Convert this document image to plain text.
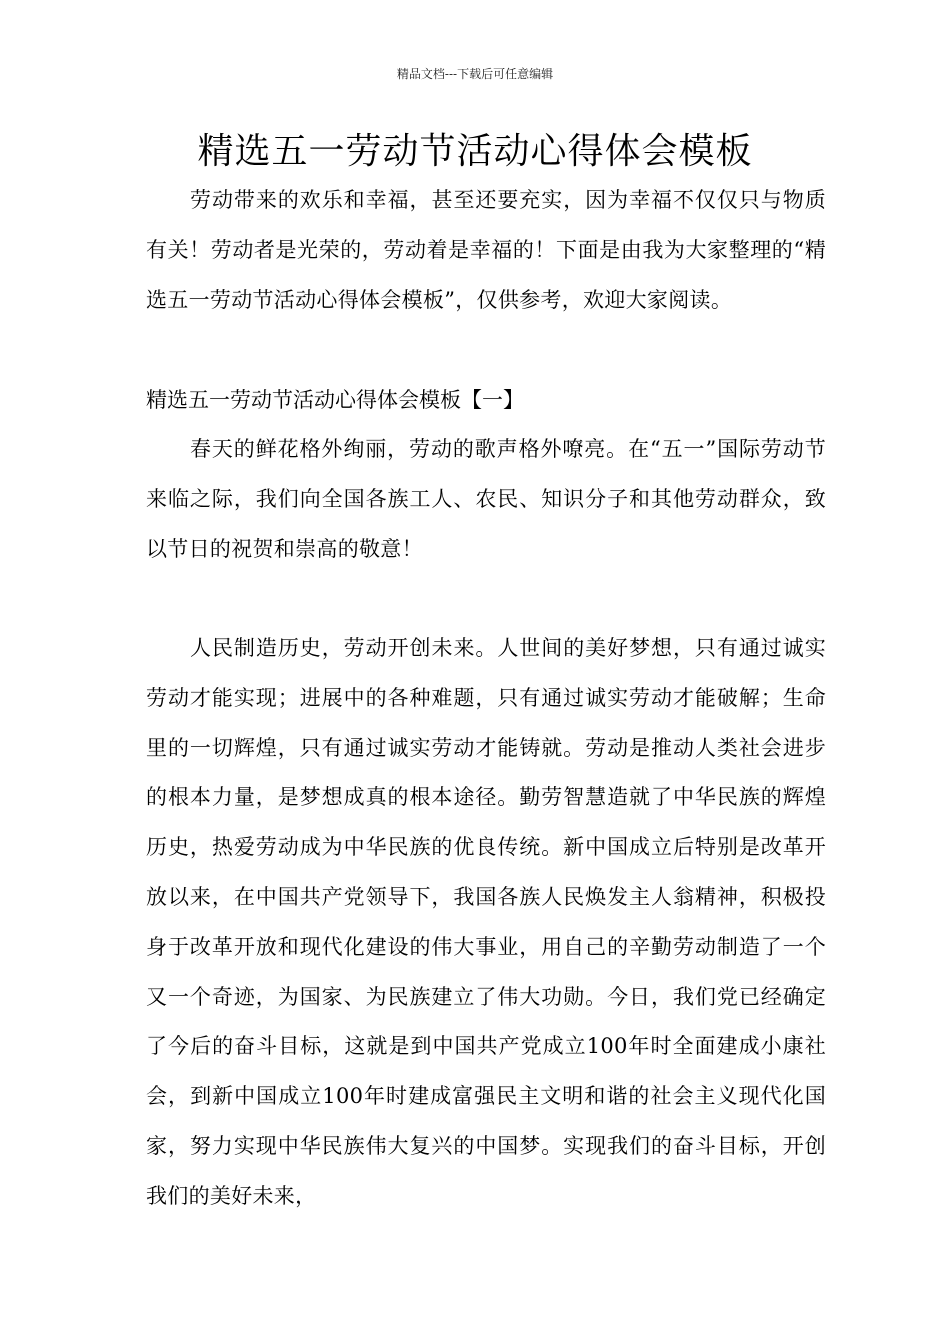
精品文档---下载后可任意编辑
精选五一劳动节活动心得体会模板

劳动带来的欢乐和幸福，甚至还要充实，因为幸福不仅仅只与物质有关！劳动者是光荣的，劳动着是幸福的！下面是由我为大家整理的“精选五一劳动节活动心得体会模板”，仅供参考，欢迎大家阅读。

精选五一劳动节活动心得体会模板【一】

春天的鲜花格外绚丽，劳动的歌声格外嘹亮。在“五一”国际劳动节来临之际，我们向全国各族工人、农民、知识分子和其他劳动群众，致以节日的祝贺和崇高的敬意！

人民制造历史，劳动开创未来。人世间的美好梦想，只有通过诚实劳动才能实现；进展中的各种难题，只有通过诚实劳动才能破解；生命里的一切辉煌，只有通过诚实劳动才能铸就。劳动是推动人类社会进步的根本力量，是梦想成真的根本途径。勤劳智慧造就了中华民族的辉煌历史，热爱劳动成为中华民族的优良传统。新中国成立后特别是改革开放以来，在中国共产党领导下，我国各族人民焕发主人翁精神，积极投身于改革开放和现代化建设的伟大事业，用自己的辛勤劳动制造了一个又一个奇迹，为国家、为民族建立了伟大功勋。今日，我们党已经确定了今后的奋斗目标，这就是到中国共产党成立100年时全面建成小康社会，到新中国成立100年时建成富强民主文明和谐的社会主义现代化国家，努力实现中华民族伟大复兴的中国梦。实现我们的奋斗目标，开创我们的美好未来，
